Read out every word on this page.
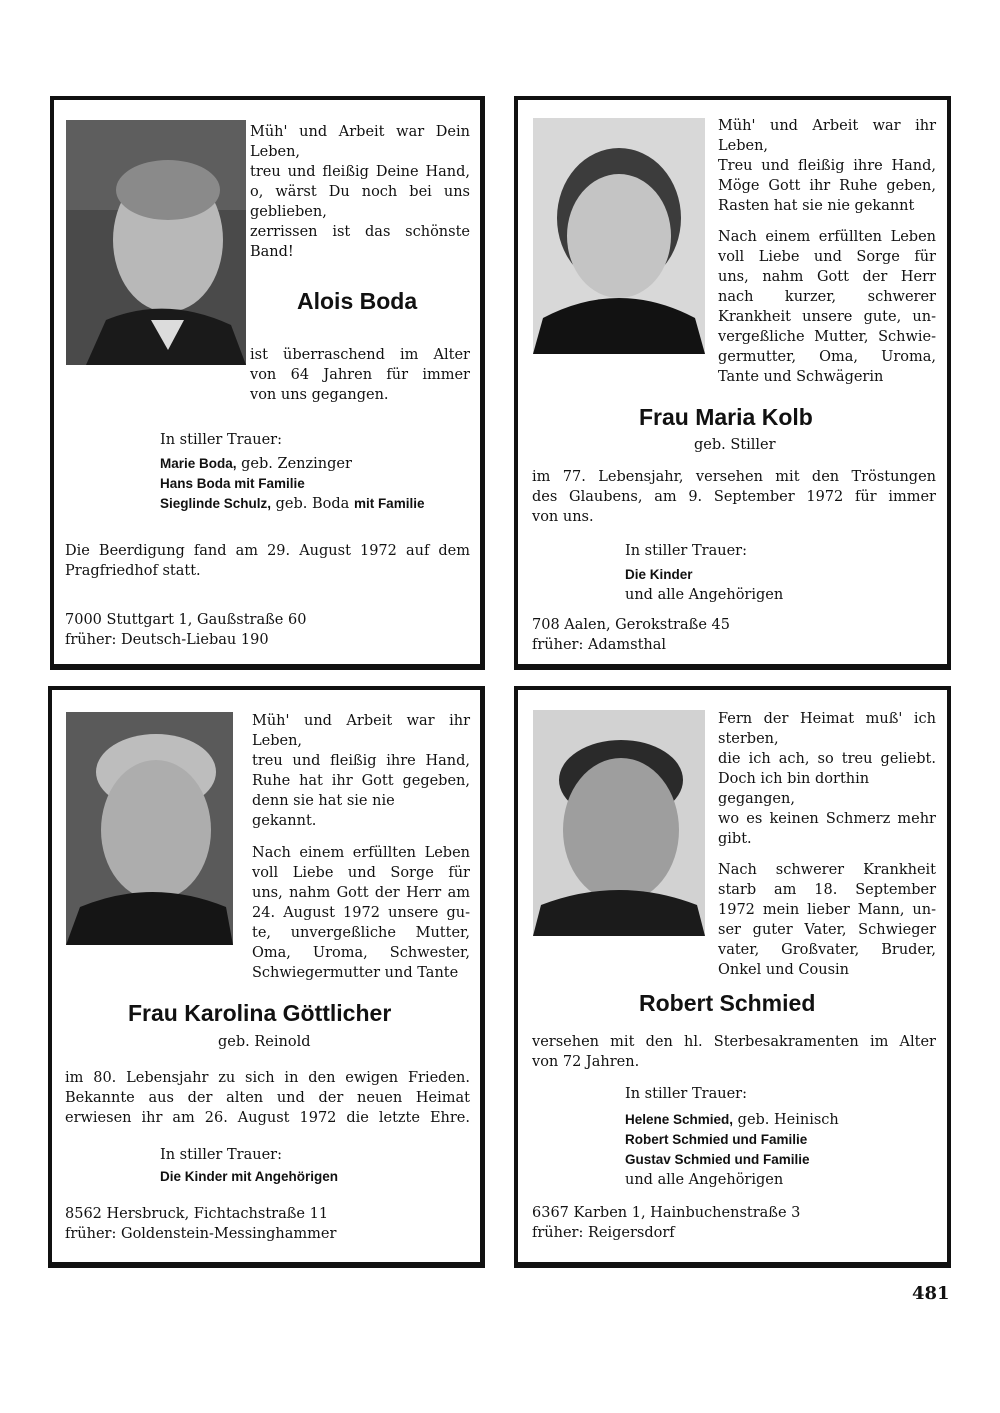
Müh' und Arbeit war Dein

Leben,

treu und fleißig Deine Hand,

o, wärst Du noch bei uns

geblieben,

zerrissen ist das schönste

Band!

Alois Boda

ist überraschend im Alter

von 64 Jahren für immer

von uns gegangen.

In stiller Trauer:

Marie Boda, geb. Zenzinger

Hans Boda mit Familie

Sieglinde Schulz, geb. Boda mit Familie

Die Beerdigung fand am 29. August 1972 auf dem

Pragfriedhof statt.

7000 Stuttgart 1, Gaußstraße 60

früher: Deutsch-Liebau 190

Müh' und Arbeit war ihr

Leben,

Treu und fleißig ihre Hand,

Möge Gott ihr Ruhe geben,

Rasten hat sie nie gekannt

Nach einem erfüllten Leben

voll Liebe und Sorge für

uns, nahm Gott der Herr

nach kurzer, schwerer

Krankheit unsere gute, un-

vergeßliche Mutter, Schwie-

germutter, Oma, Uroma,

Tante und Schwägerin

Frau Maria Kolb
geb. Stiller

im 77. Lebensjahr, versehen mit den Tröstungen

des Glaubens, am 9. September 1972 für immer

von uns.

In stiller Trauer:

Die Kinder

und alle Angehörigen

708 Aalen, Gerokstraße 45

früher: Adamsthal

Müh' und Arbeit war ihr

Leben,

treu und fleißig ihre Hand,

Ruhe hat ihr Gott gegeben,

denn sie hat sie nie

gekannt.

Nach einem erfüllten Leben

voll Liebe und Sorge für

uns, nahm Gott der Herr am

24. August 1972 unsere gu-

te, unvergeßliche Mutter,

Oma, Uroma, Schwester,

Schwiegermutter und Tante

Frau Karolina Göttlicher
geb. Reinold

im 80. Lebensjahr zu sich in den ewigen Frieden.

Bekannte aus der alten und der neuen Heimat

erwiesen ihr am 26. August 1972 die letzte Ehre.

In stiller Trauer:

Die Kinder mit Angehörigen

8562 Hersbruck, Fichtachstraße 11

früher: Goldenstein-Messinghammer

Fern der Heimat muß' ich

sterben,

die ich ach, so treu geliebt.

Doch ich bin dorthin

gegangen,

wo es keinen Schmerz mehr

gibt.

Nach schwerer Krankheit

starb am 18. September

1972 mein lieber Mann, un-

ser guter Vater, Schwieger

vater, Großvater, Bruder,

Onkel und Cousin

Robert Schmied

versehen mit den hl. Sterbesakramenten im Alter

von 72 Jahren.

In stiller Trauer:

Helene Schmied, geb. Heinisch

Robert Schmied und Familie

Gustav Schmied und Familie

und alle Angehörigen

6367 Karben 1, Hainbuchenstraße 3

früher: Reigersdorf

481
